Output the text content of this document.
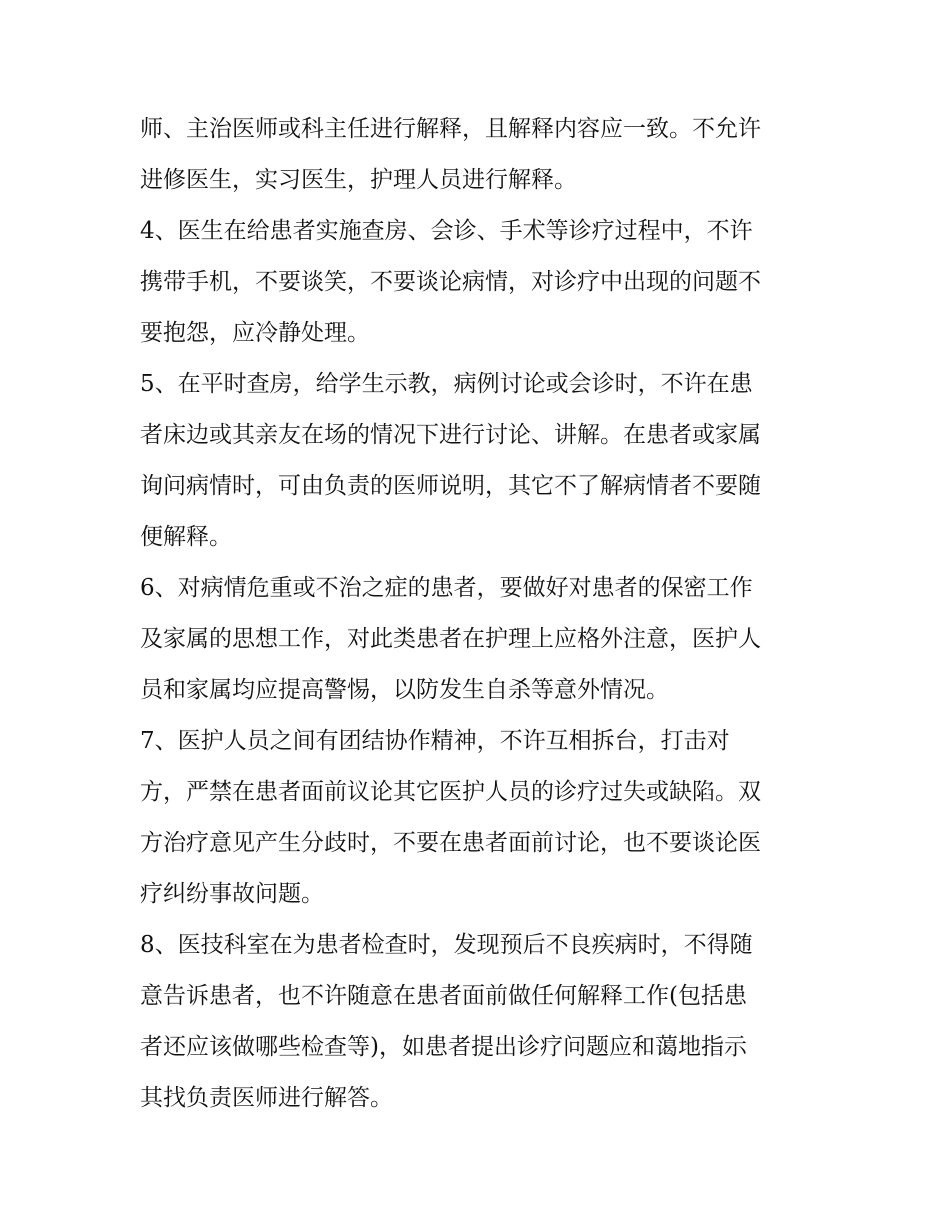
师、主治医师或科主任进行解释，且解释内容应一致。不允许
进修医生，实习医生，护理人员进行解释。
4、医生在给患者实施查房、会诊、手术等诊疗过程中，不许
携带手机，不要谈笑，不要谈论病情，对诊疗中出现的问题不
要抱怨，应冷静处理。
5、在平时查房，给学生示教，病例讨论或会诊时，不许在患
者床边或其亲友在场的情况下进行讨论、讲解。在患者或家属
询问病情时，可由负责的医师说明，其它不了解病情者不要随
便解释。
6、对病情危重或不治之症的患者，要做好对患者的保密工作
及家属的思想工作，对此类患者在护理上应格外注意，医护人
员和家属均应提高警惕，以防发生自杀等意外情况。
7、医护人员之间有团结协作精神，不许互相拆台，打击对
方，严禁在患者面前议论其它医护人员的诊疗过失或缺陷。双
方治疗意见产生分歧时，不要在患者面前讨论，也不要谈论医
疗纠纷事故问题。
8、医技科室在为患者检查时，发现预后不良疾病时，不得随
意告诉患者，也不许随意在患者面前做任何解释工作(包括患
者还应该做哪些检查等)，如患者提出诊疗问题应和蔼地指示
其找负责医师进行解答。
